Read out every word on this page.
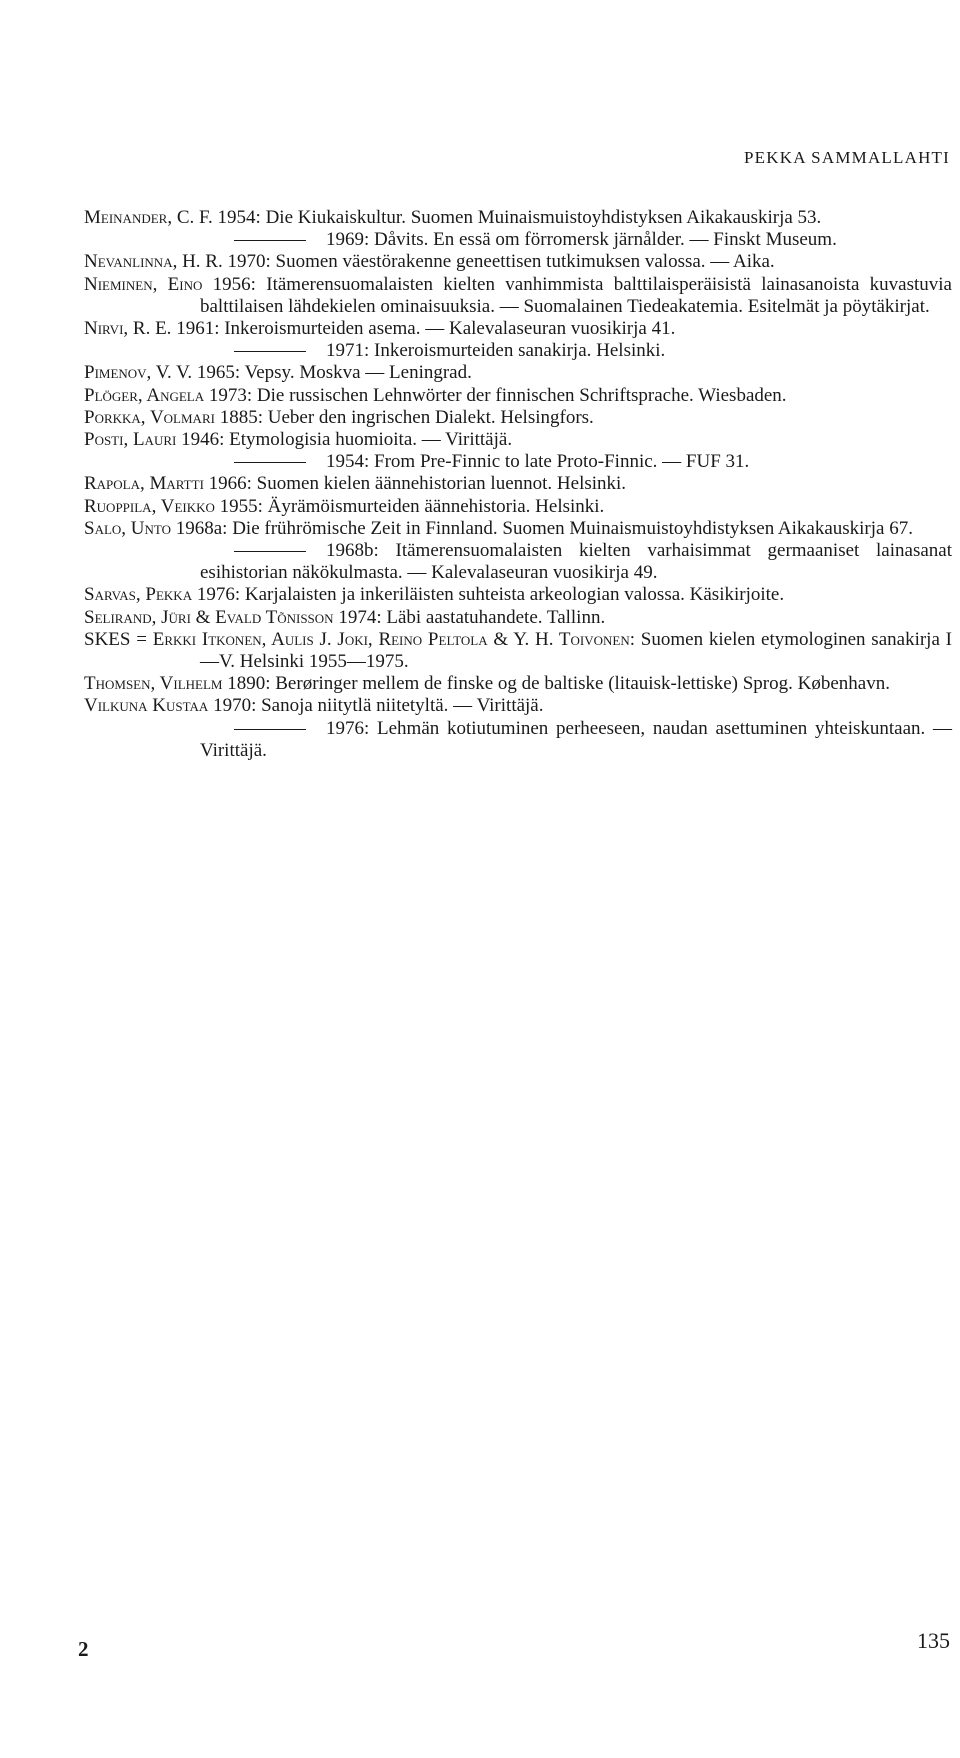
PEKKA SAMMALLAHTI
Meinander, C. F. 1954: Die Kiukaiskultur. Suomen Muinaismuistoyhdistyksen Aikakauskirja 53.
1969: Dåvits. En essä om förromersk järnålder. — Finskt Museum.
Nevanlinna, H. R. 1970: Suomen väestörakenne geneettisen tutkimuksen valossa. — Aika.
Nieminen, Eino 1956: Itämerensuomalaisten kielten vanhimmista balttilaisperäisistä lainasanoista kuvastuvia balttilaisen lähdekielen ominaisuuksia. — Suomalainen Tiedeakatemia. Esitelmät ja pöytäkirjat.
Nirvi, R. E. 1961: Inkeroismurteiden asema. — Kalevalaseuran vuosikirja 41.
1971: Inkeroismurteiden sanakirja. Helsinki.
Pimenov, V. V. 1965: Vepsy. Moskva — Leningrad.
Plöger, Angela 1973: Die russischen Lehnwörter der finnischen Schriftsprache. Wiesbaden.
Porkka, Volmari 1885: Ueber den ingrischen Dialekt. Helsingfors.
Posti, Lauri 1946: Etymologisia huomioita. — Virittäjä.
1954: From Pre-Finnic to late Proto-Finnic. — FUF 31.
Rapola, Martti 1966: Suomen kielen äännehistorian luennot. Helsinki.
Ruoppila, Veikko 1955: Äyrämöismurteiden äännehistoria. Helsinki.
Salo, Unto 1968a: Die frührömische Zeit in Finnland. Suomen Muinaismuistoyhdistyksen Aikakauskirja 67.
1968b: Itämerensuomalaisten kielten varhaisimmat germaaniset lainasanat esihistorian näkökulmasta. — Kalevalaseuran vuosikirja 49.
Sarvas, Pekka 1976: Karjalaisten ja inkeriläisten suhteista arkeologian valossa. Käsikirjoite.
Selirand, Jüri & Evald Tõnisson 1974: Läbi aastatuhandete. Tallinn.
SKES = Erkki Itkonen, Aulis J. Joki, Reino Peltola & Y. H. Toivonen: Suomen kielen etymologinen sanakirja I—V. Helsinki 1955—1975.
Thomsen, Vilhelm 1890: Berøringer mellem de finske og de baltiske (litauisk-lettiske) Sprog. København.
Vilkuna Kustaa 1970: Sanoja niitytlä niitetyltä. — Virittäjä.
1976: Lehmän kotiutuminen perheeseen, naudan asettuminen yhteiskuntaan. — Virittäjä.
2	135
